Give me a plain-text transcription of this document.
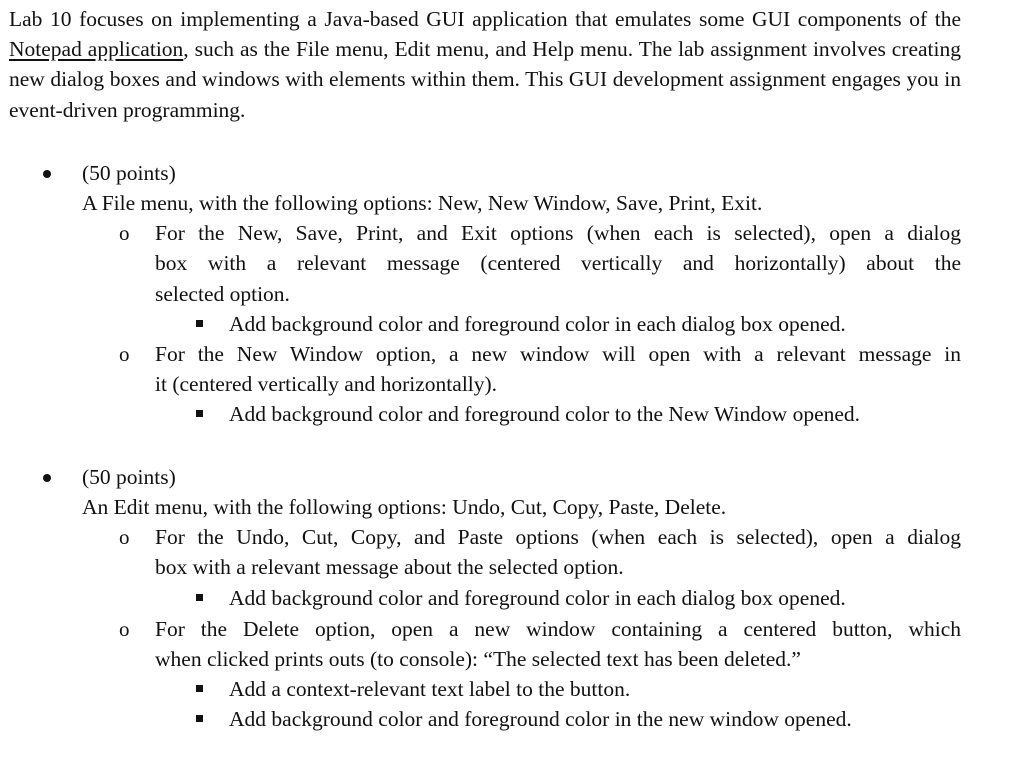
Lab 10 focuses on implementing a Java-based GUI application that emulates some GUI components of the Notepad application, such as the File menu, Edit menu, and Help menu. The lab assignment involves creating new dialog boxes and windows with elements within them. This GUI development assignment engages you in event-driven programming.

(50 points)
A File menu, with the following options: New, New Window, Save, Print, Exit.
o For the New, Save, Print, and Exit options (when each is selected), open a dialog
box with a relevant message (centered vertically and horizontally) about the
selected option.
Add background color and foreground color in each dialog box opened.
o For the New Window option, a new window will open with a relevant message in
it (centered vertically and horizontally).
Add background color and foreground color to the New Window opened.
(50 points)
An Edit menu, with the following options: Undo, Cut, Copy, Paste, Delete.
o For the Undo, Cut, Copy, and Paste options (when each is selected), open a dialog
box with a relevant message about the selected option.
Add background color and foreground color in each dialog box opened.
o For the Delete option, open a new window containing a centered button, which
when clicked prints outs (to console): “The selected text has been deleted.”
Add a context-relevant text label to the button.
Add background color and foreground color in the new window opened.
